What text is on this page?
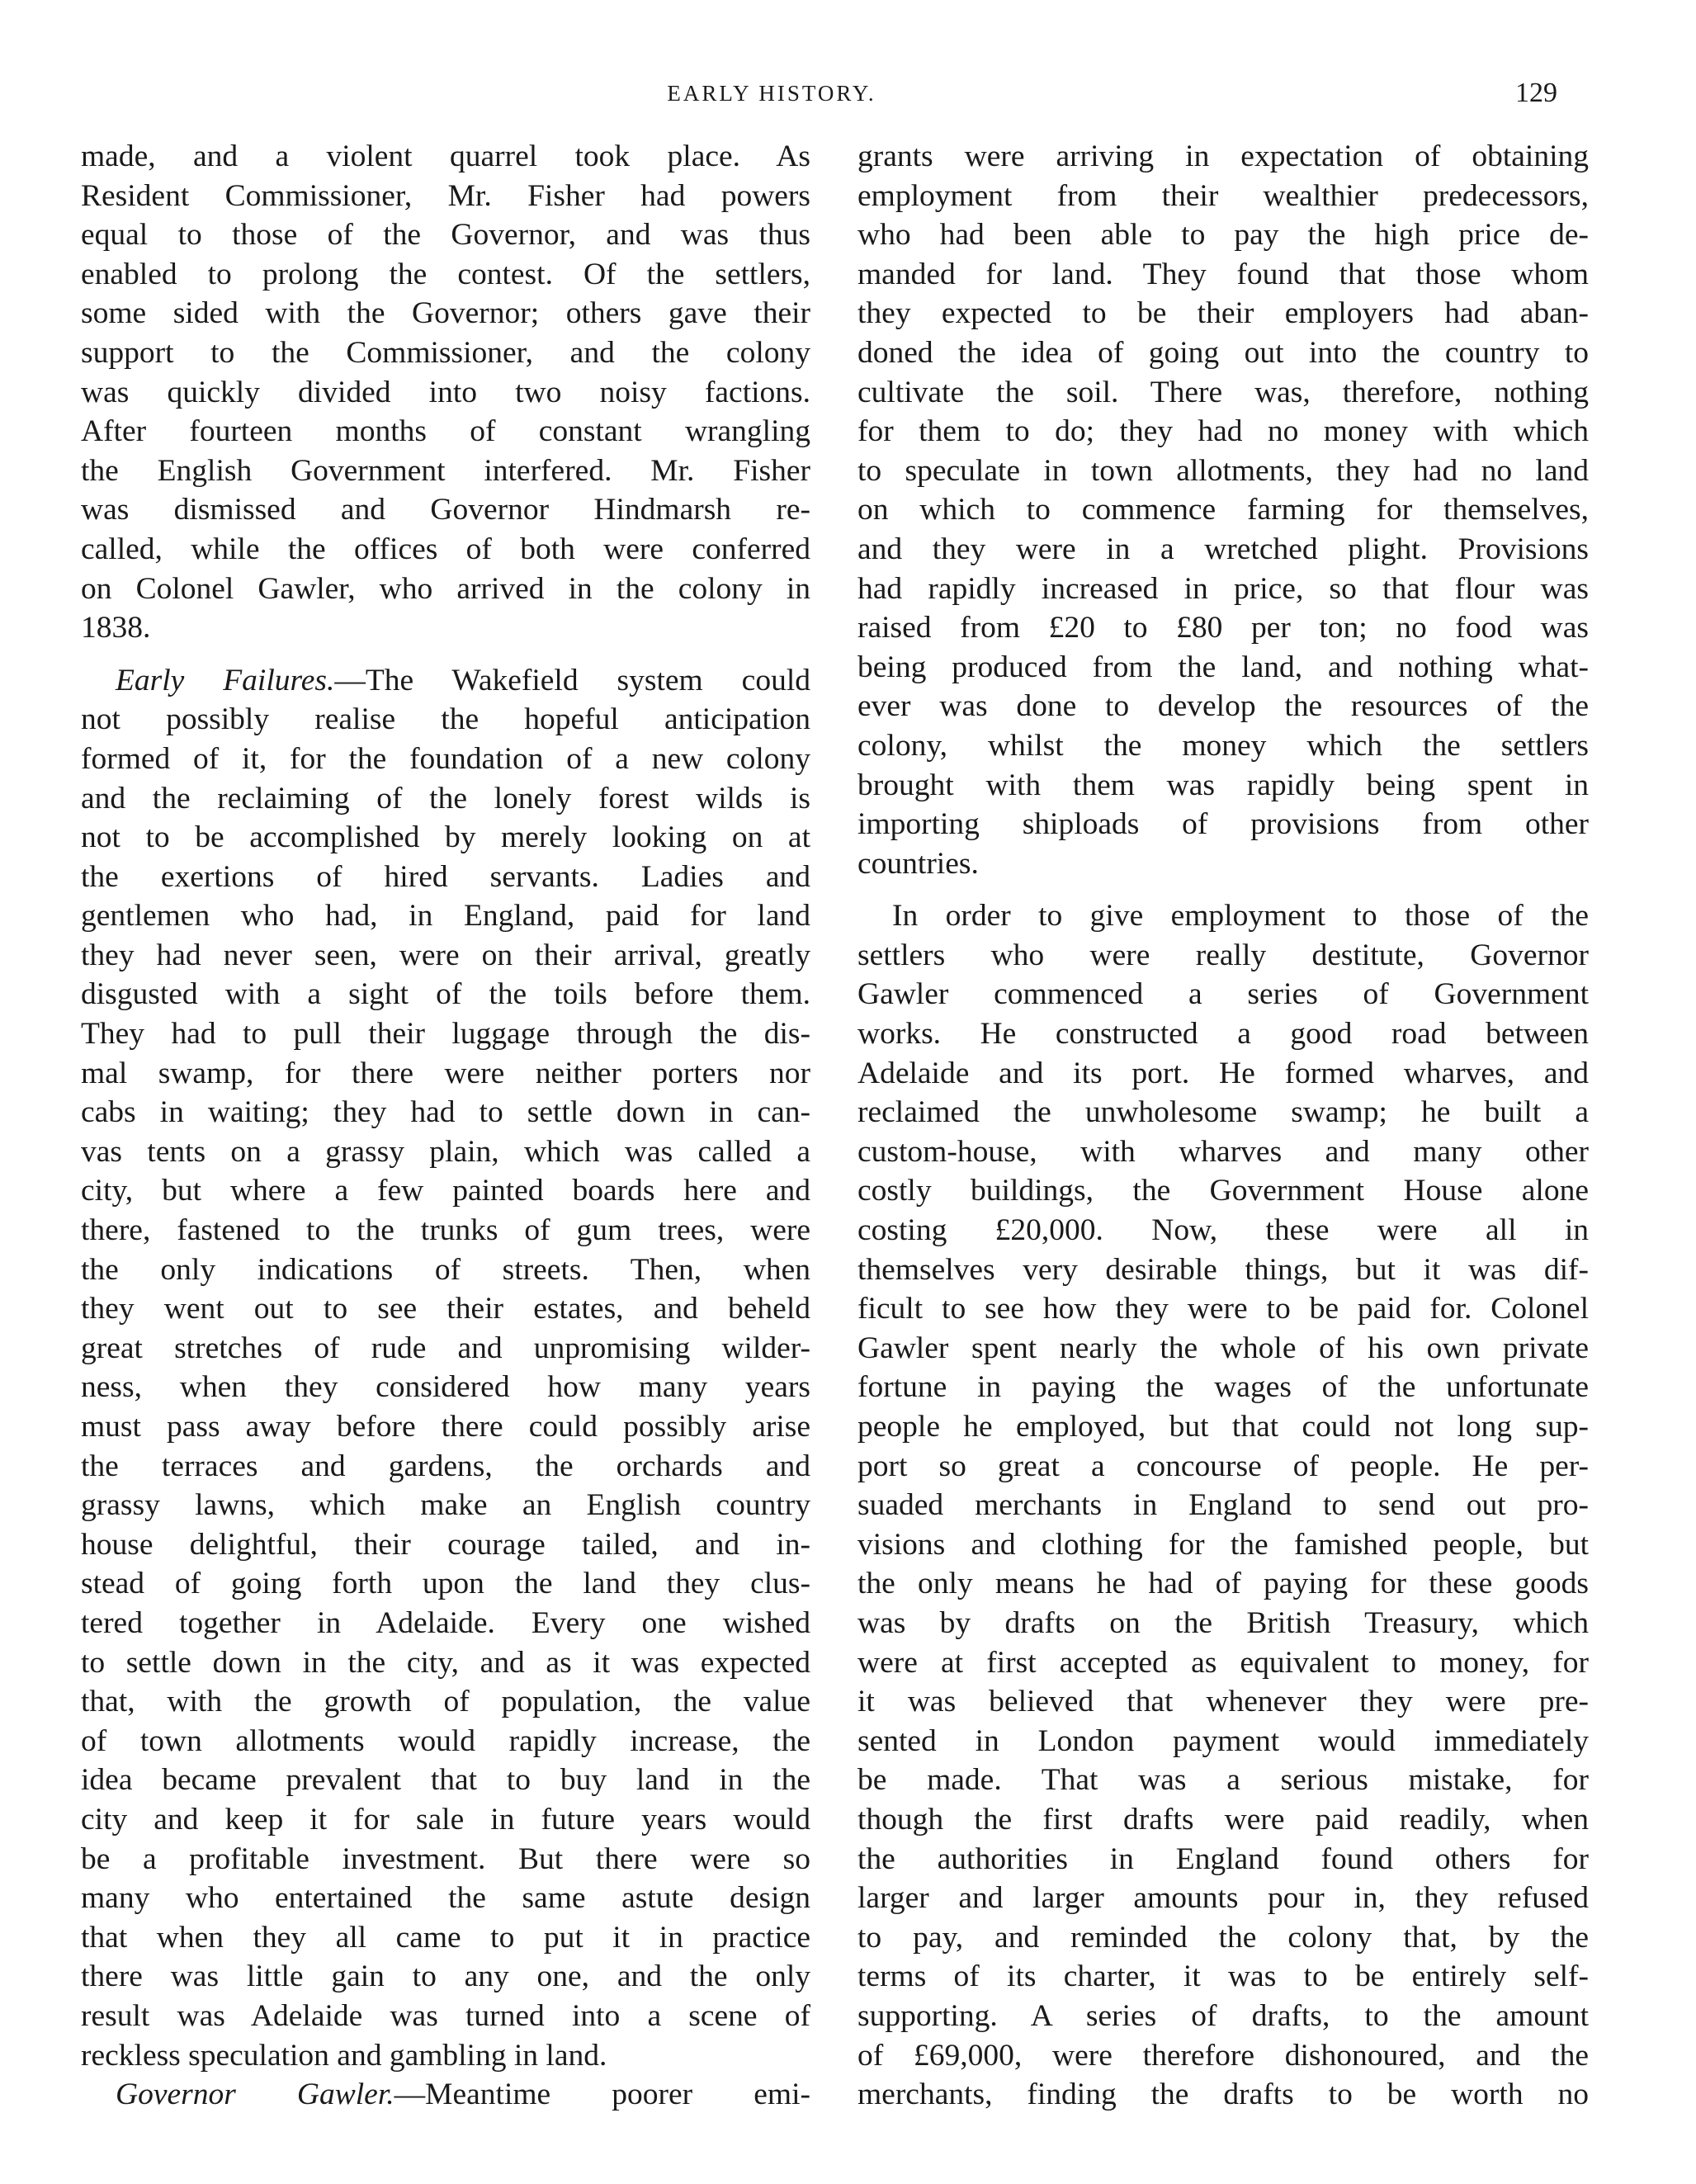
EARLY HISTORY.	129
made, and a violent quarrel took place. As
Resident Commissioner, Mr. Fisher had powers
equal to those of the Governor, and was thus
enabled to prolong the contest. Of the settlers,
some sided with the Governor; others gave their
support to the Commissioner, and the colony
was quickly divided into two noisy factions.
After fourteen months of constant wrangling
the English Government interfered. Mr. Fisher
was dismissed and Governor Hindmarsh re-
called, while the offices of both were conferred
on Colonel Gawler, who arrived in the colony in
1838.
Early Failures.—The Wakefield system could
not possibly realise the hopeful anticipation
formed of it, for the foundation of a new colony
and the reclaiming of the lonely forest wilds is
not to be accomplished by merely looking on at
the exertions of hired servants. Ladies and
gentlemen who had, in England, paid for land
they had never seen, were on their arrival, greatly
disgusted with a sight of the toils before them.
They had to pull their luggage through the dis-
mal swamp, for there were neither porters nor
cabs in waiting; they had to settle down in can-
vas tents on a grassy plain, which was called a
city, but where a few painted boards here and
there, fastened to the trunks of gum trees, were
the only indications of streets. Then, when
they went out to see their estates, and beheld
great stretches of rude and unpromising wilder-
ness, when they considered how many years
must pass away before there could possibly arise
the terraces and gardens, the orchards and
grassy lawns, which make an English country
house delightful, their courage tailed, and in-
stead of going forth upon the land they clus-
tered together in Adelaide. Every one wished
to settle down in the city, and as it was expected
that, with the growth of population, the value
of town allotments would rapidly increase, the
idea became prevalent that to buy land in the
city and keep it for sale in future years would
be a profitable investment. But there were so
many who entertained the same astute design
that when they all came to put it in practice
there was little gain to any one, and the only
result was Adelaide was turned into a scene of
reckless speculation and gambling in land.
Governor Gawler.—Meantime poorer emi-
grants were arriving in expectation of obtaining
employment from their wealthier predecessors,
who had been able to pay the high price de-
manded for land. They found that those whom
they expected to be their employers had aban-
doned the idea of going out into the country to
cultivate the soil. There was, therefore, nothing
for them to do; they had no money with which
to speculate in town allotments, they had no land
on which to commence farming for themselves,
and they were in a wretched plight. Provisions
had rapidly increased in price, so that flour was
raised from £20 to £80 per ton; no food was
being produced from the land, and nothing what-
ever was done to develop the resources of the
colony, whilst the money which the settlers
brought with them was rapidly being spent in
importing shiploads of provisions from other
countries.
In order to give employment to those of the
settlers who were really destitute, Governor
Gawler commenced a series of Government
works. He constructed a good road between
Adelaide and its port. He formed wharves, and
reclaimed the unwholesome swamp; he built a
custom-house, with wharves and many other
costly buildings, the Government House alone
costing £20,000. Now, these were all in
themselves very desirable things, but it was dif-
ficult to see how they were to be paid for. Colonel
Gawler spent nearly the whole of his own private
fortune in paying the wages of the unfortunate
people he employed, but that could not long sup-
port so great a concourse of people. He per-
suaded merchants in England to send out pro-
visions and clothing for the famished people, but
the only means he had of paying for these goods
was by drafts on the British Treasury, which
were at first accepted as equivalent to money, for
it was believed that whenever they were pre-
sented in London payment would immediately
be made. That was a serious mistake, for
though the first drafts were paid readily, when
the authorities in England found others for
larger and larger amounts pour in, they refused
to pay, and reminded the colony that, by the
terms of its charter, it was to be entirely self-
supporting. A series of drafts, to the amount
of £69,000, were therefore dishonoured, and the
merchants, finding the drafts to be worth no
